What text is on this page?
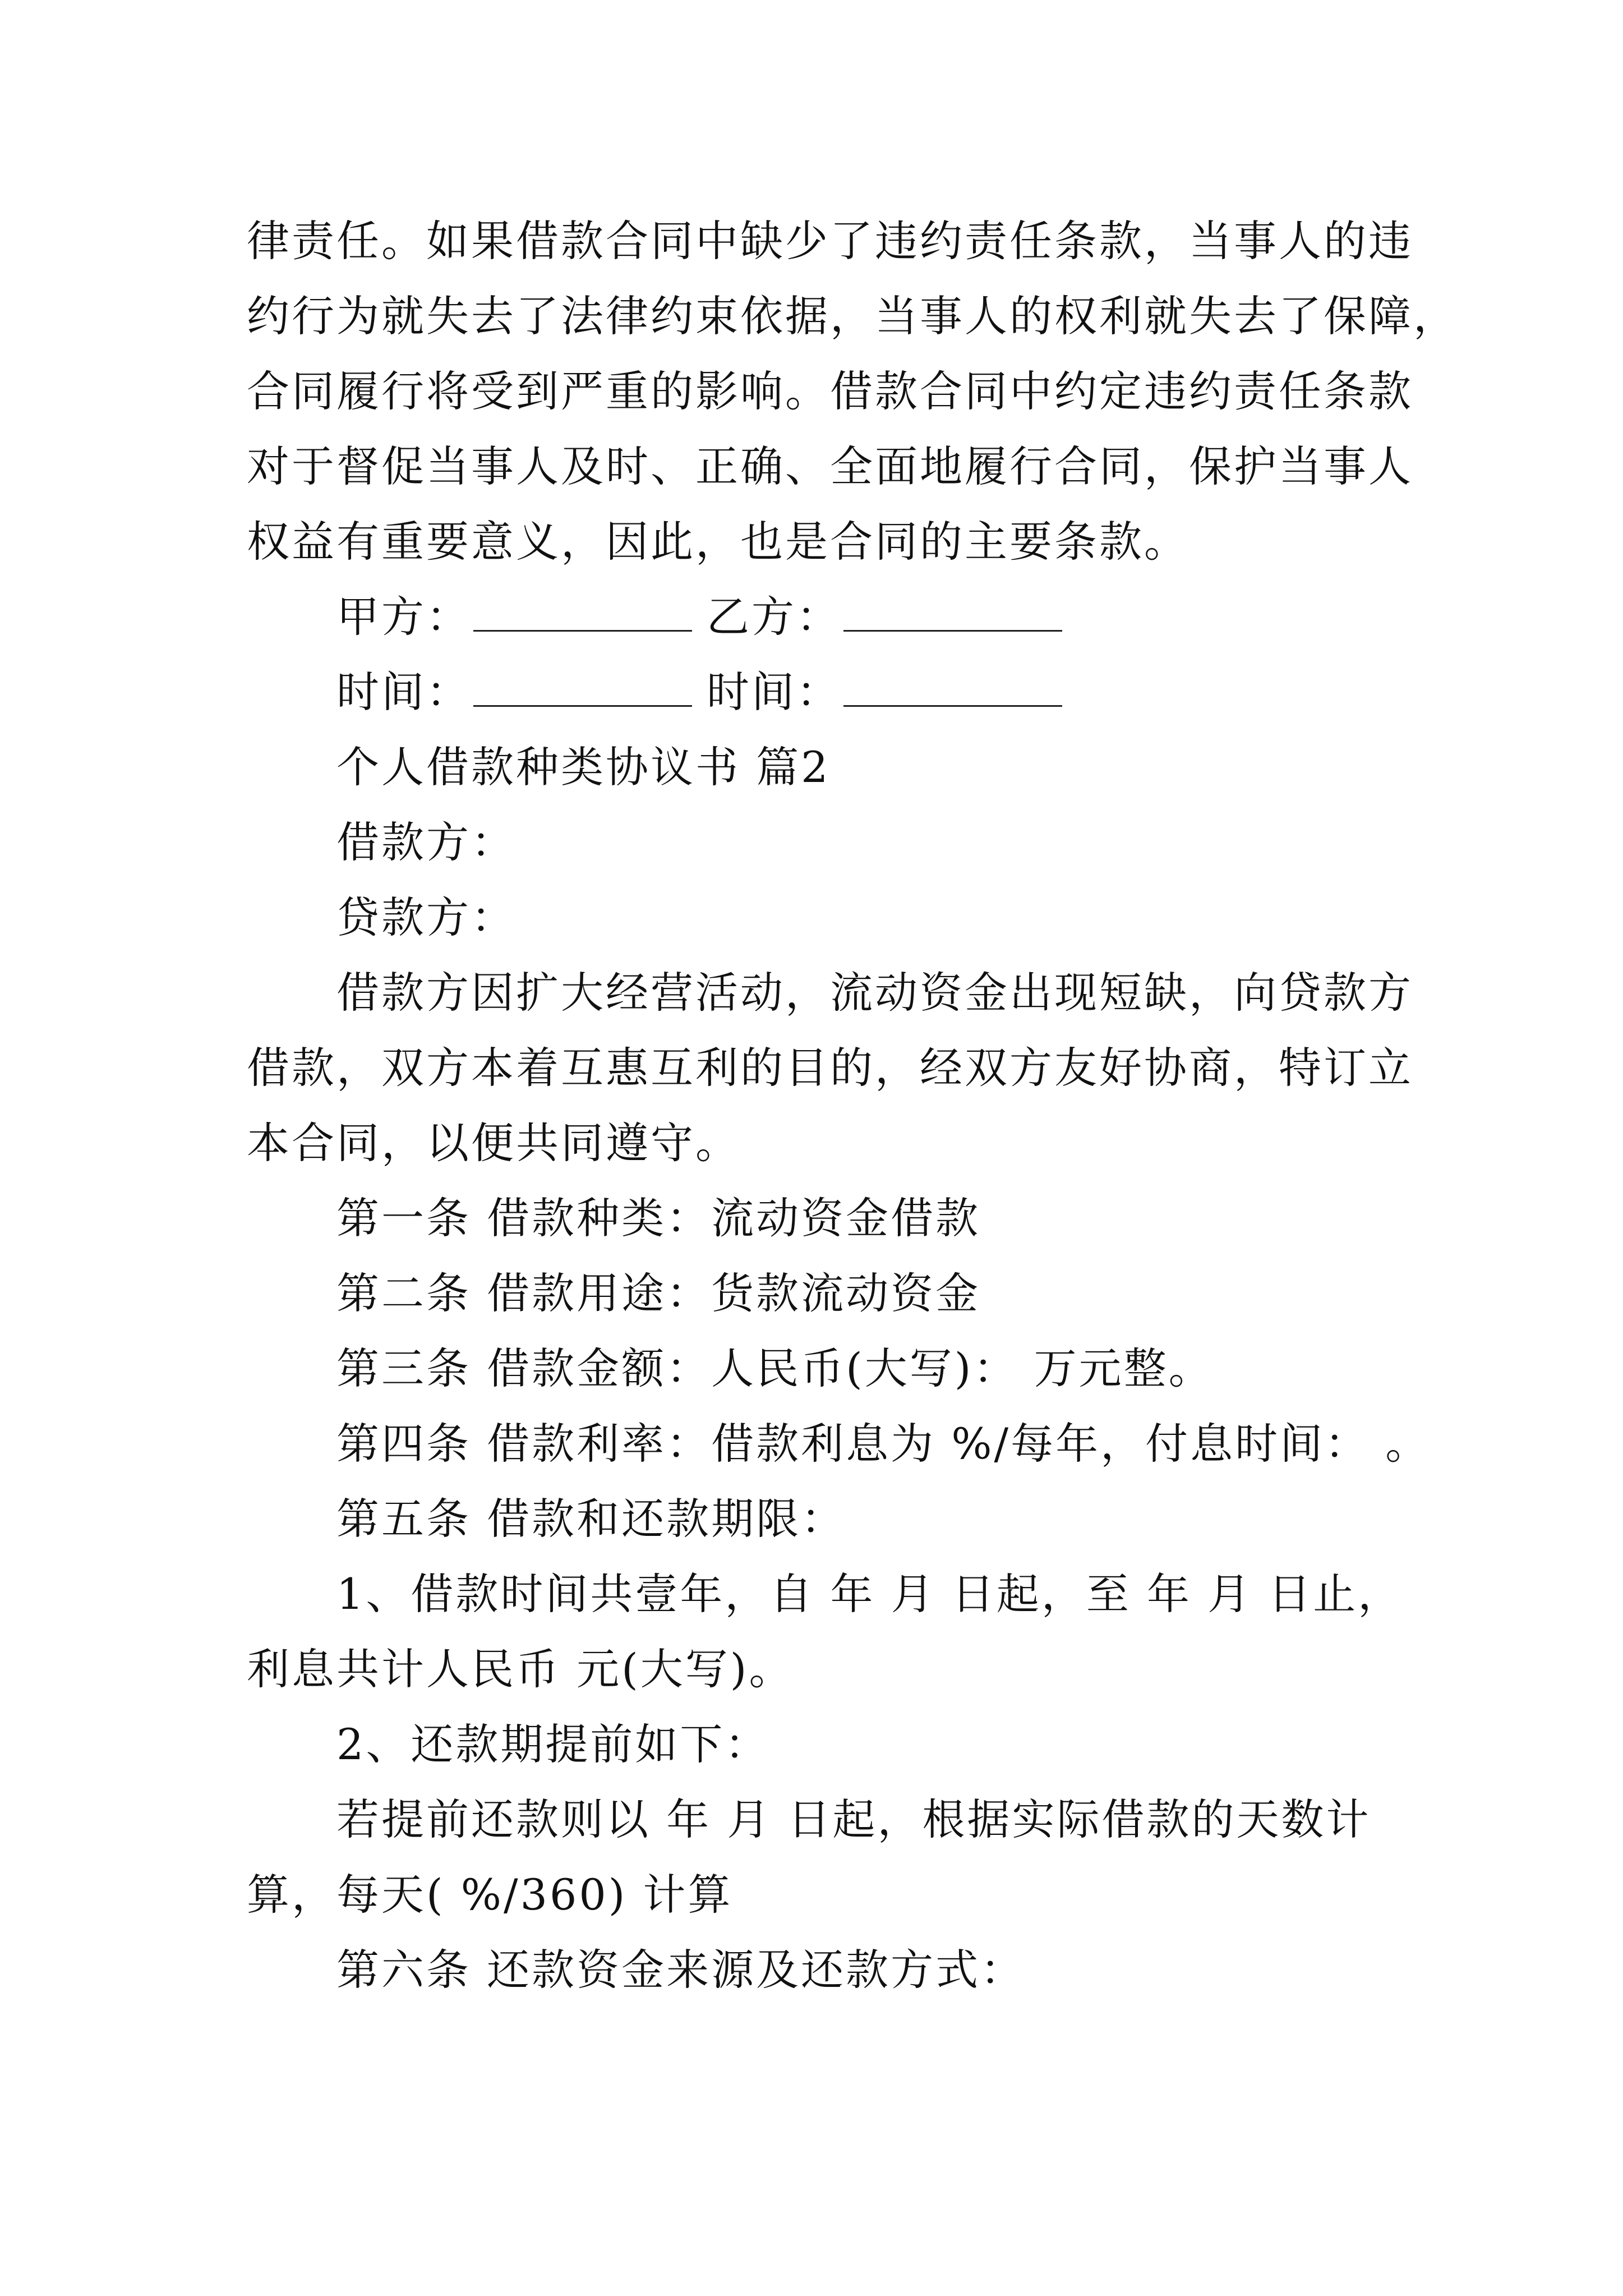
律责任。如果借款合同中缺少了违约责任条款，当事人的违

约行为就失去了法律约束依据，当事人的权利就失去了保障，

合同履行将受到严重的影响。借款合同中约定违约责任条款

对于督促当事人及时、正确、全面地履行合同，保护当事人

权益有重要意义，因此，也是合同的主要条款。

甲方：	乙方：
时间：	时间：

个人借款种类协议书 篇2

借款方：

贷款方：

借款方因扩大经营活动，流动资金出现短缺，向贷款方

借款，双方本着互惠互利的目的，经双方友好协商，特订立

本合同，以便共同遵守。

第一条 借款种类：流动资金借款

第二条 借款用途：货款流动资金

第三条 借款金额：人民币(大写)： 万元整。

第四条 借款利率：借款利息为 %/每年，付息时间： 。

第五条 借款和还款期限：

1、借款时间共壹年，自 年 月 日起，至 年 月 日止，

利息共计人民币 元(大写)。

2、还款期提前如下：

若提前还款则以 年 月 日起，根据实际借款的天数计

算，每天( %/360) 计算

第六条 还款资金来源及还款方式：
